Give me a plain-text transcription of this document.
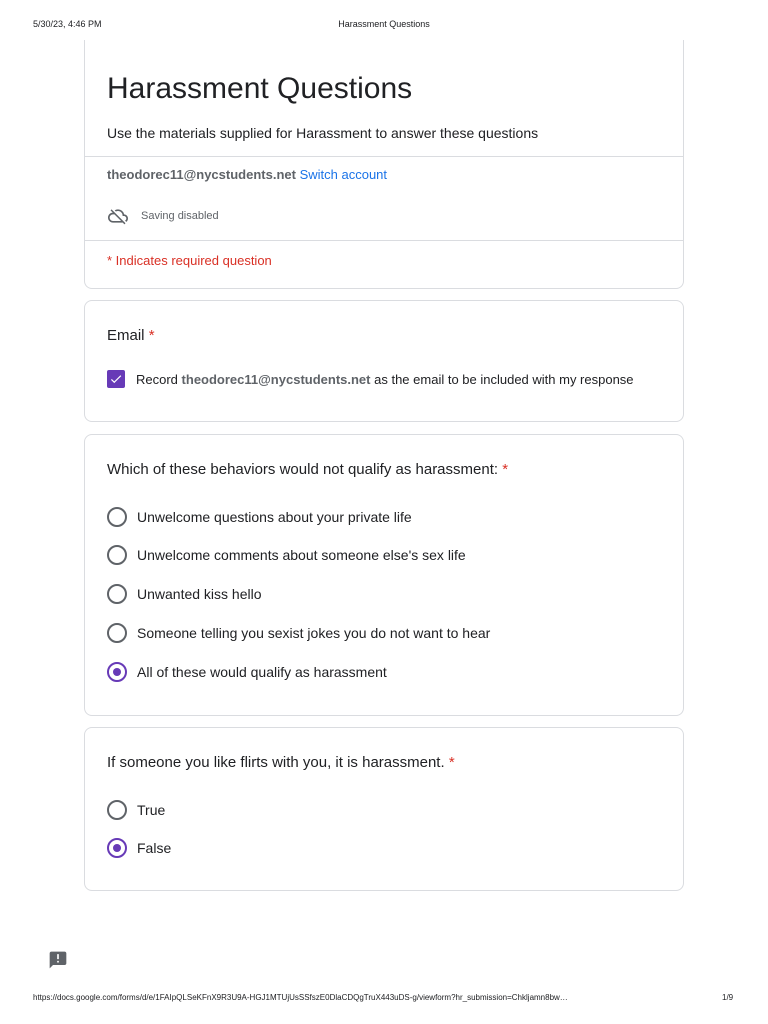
5/30/23, 4:46 PM	Harassment Questions
Harassment Questions
Use the materials supplied for Harassment to answer these questions
theodorec11@nycstudents.net Switch account
Saving disabled
* Indicates required question
Email *
Record theodorec11@nycstudents.net as the email to be included with my response
Which of these behaviors would not qualify as harassment: *
Unwelcome questions about your private life
Unwelcome comments about someone else's sex life
Unwanted kiss hello
Someone telling you sexist jokes you do not want to hear
All of these would qualify as harassment
If someone you like flirts with you, it is harassment. *
True
False
https://docs.google.com/forms/d/e/1FAIpQLSeKFnX9R3U9A-HGJ1MTUjUsSSfszE0DlaCDQgTruX443uDS-g/viewform?hr_submission=Chkljamn8bw…	1/9
